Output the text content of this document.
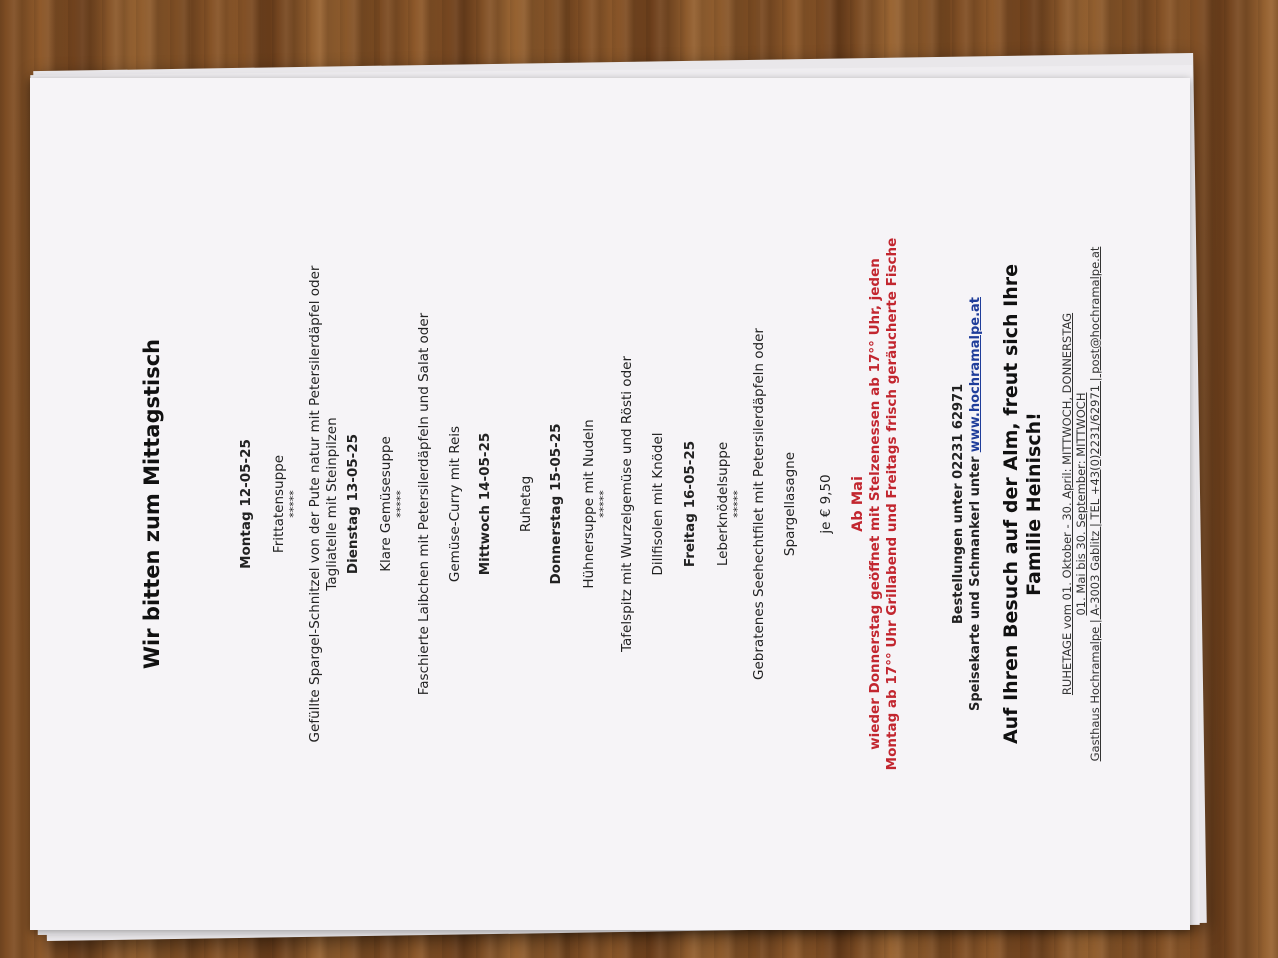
Wir bitten zum Mittagstisch	Montag 12-05-25 Frittatensuppe ***** Gefüllte Spargel-Schnitzel von der Pute natur mit Petersilerdäpfel oder Tagliatelle mit Steinpilzen Dienstag 13-05-25 Klare Gemüsesuppe ***** Faschierte Laibchen mit Petersilerdäpfeln und Salat oder Gemüse-Curry mit Reis Mittwoch 14-05-25 Ruhetag Donnerstag 15-05-25 Hühnersuppe mit Nudeln ***** Tafelspitz mit Wurzelgemüse und Rösti oder Dillfisolen mit Knödel Freitag 16-05-25 Leberknödelsuppe ***** Gebratenes Seehechtfilet mit Petersilerdäpfeln oder Spargellasagne je € 9,50 Ab Mai wieder Donnerstag geöffnet mit Stelzenessen ab 17°° Uhr, jeden Montag ab 17°° Uhr Grillabend und Freitags frisch geräucherte Fische	Bestellungen unter 02231 62971 Speisekarte und Schmankerl unter www.hochramalpe.at Auf Ihren Besuch auf der Alm, freut sich Ihre Familie Heinisch! RUHETAGE vom 01. Oktober - 30. April: MITTWOCH, DONNERSTAG 01. Mai bis 30. September: MITTWOCH Gasthaus Hochramalpe | A-3003 Gablitz | TEL +43(0)2231/62971 | post@hochramalpe.at
